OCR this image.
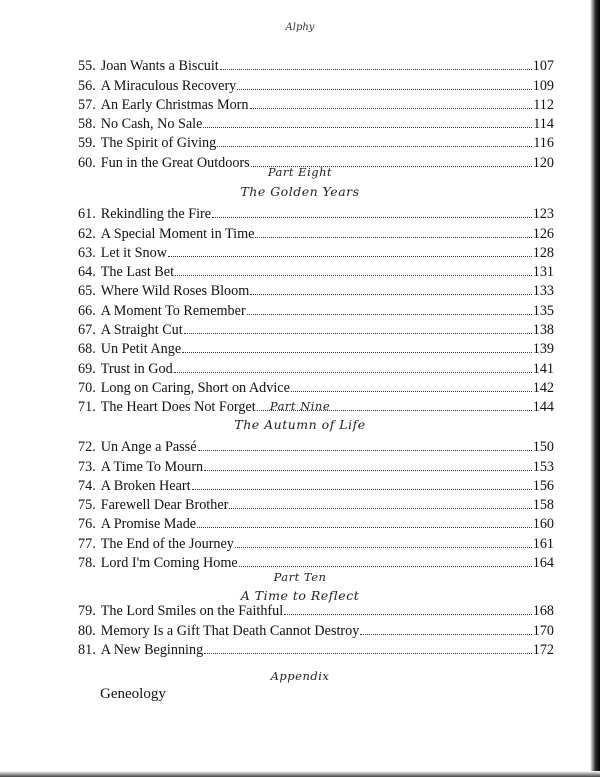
Alphy
55. Joan Wants a Biscuit	107
56. A Miraculous Recovery	109
57. An Early Christmas Morn	112
58. No Cash, No Sale	114
59. The Spirit of Giving	116
60. Fun in the Great Outdoors	120
Part Eight
The Golden Years
61. Rekindling the Fire	123
62. A Special Moment in Time	126
63. Let it Snow	128
64. The Last Bet	131
65. Where Wild Roses Bloom	133
66. A Moment To Remember	135
67. A Straight Cut	138
68. Un Petit Ange	139
69. Trust in God	141
70. Long on Caring, Short on Advice	142
71. The Heart Does Not Forget	144
Part Nine
The Autumn of Life
72. Un Ange a Passé	150
73. A Time To Mourn	153
74. A Broken Heart	156
75. Farewell Dear Brother	158
76. A Promise Made	160
77. The End of the Journey	161
78. Lord I'm Coming Home	164
Part Ten
A Time to Reflect
79. The Lord Smiles on the Faithful	168
80. Memory Is a Gift That Death Cannot Destroy	170
81. A New Beginning	172
Appendix
Geneology
